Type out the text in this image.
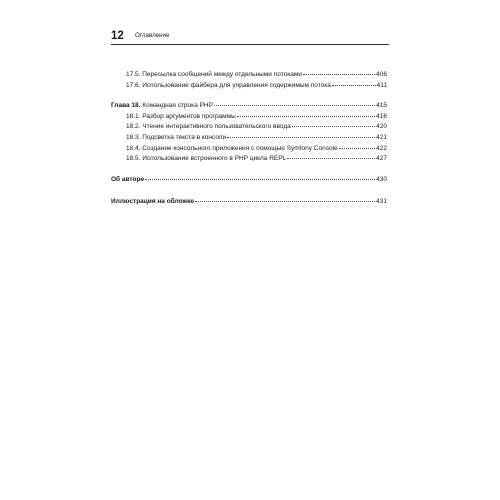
12 Оглавление
17.5. Пересылка сообщений между отдельными потоками	406
17.6. Использование файбера для управления содержимым потока	411
Глава 18. Командная строка PHP	415
18.1. Разбор аргументов программы	416
18.2. Чтение интерактивного пользовательского ввода	420
18.3. Подсветка текста в консоли	421
18.4. Создание консольного приложения с помощью Symfony Console	422
18.5. Использование встроенного в PHP цикла REPL	427
Об авторе	430
Иллюстрация на обложке	431
